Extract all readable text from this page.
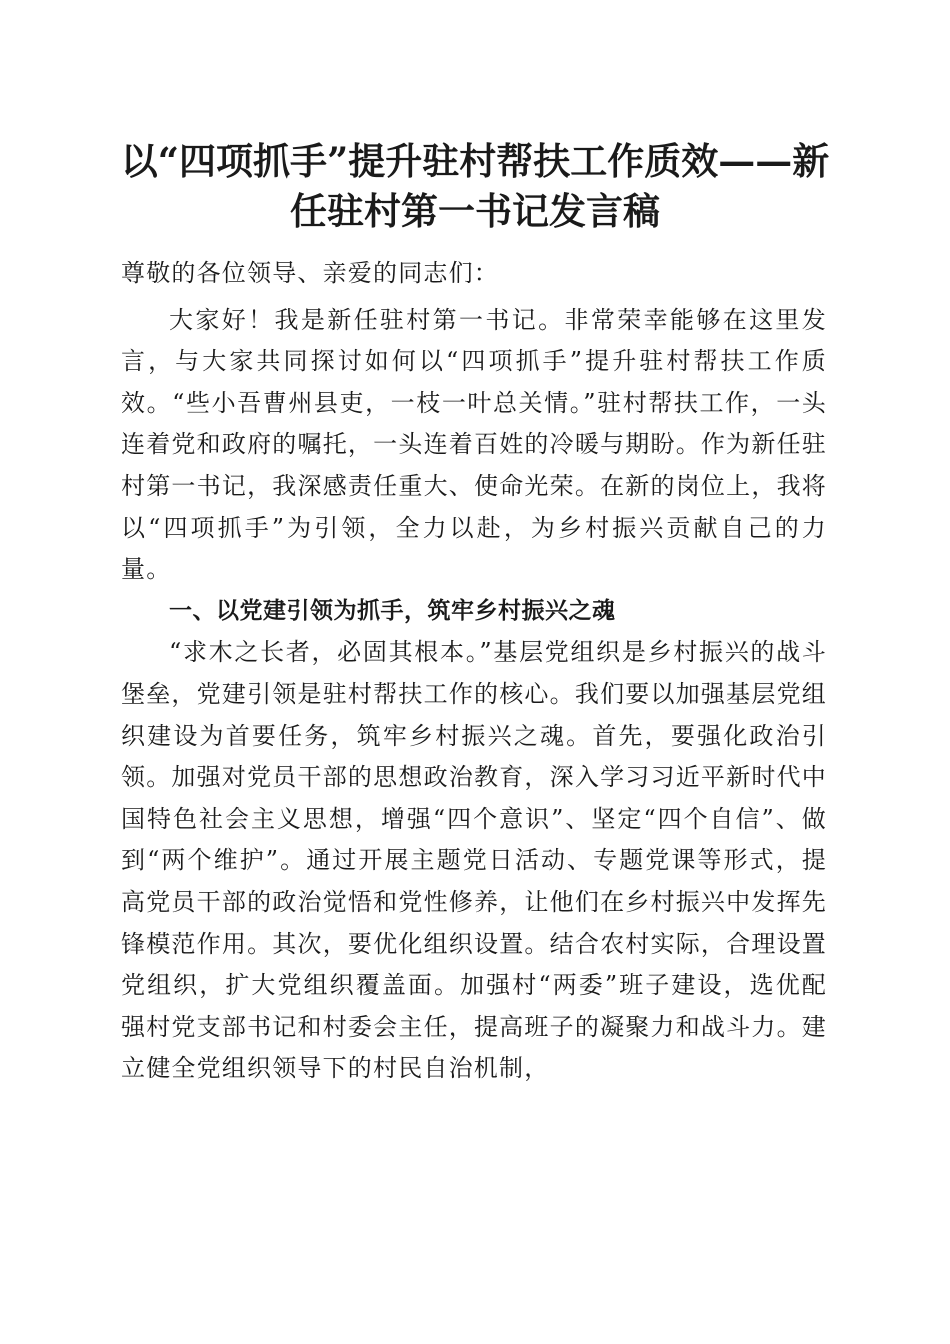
以“四项抓手”提升驻村帮扶工作质效——新任驻村第一书记发言稿

尊敬的各位领导、亲爱的同志们：

大家好！我是新任驻村第一书记。非常荣幸能够在这里发言，与大家共同探讨如何以“四项抓手”提升驻村帮扶工作质效。“些小吾曹州县吏，一枝一叶总关情。”驻村帮扶工作，一头连着党和政府的嘱托，一头连着百姓的冷暖与期盼。作为新任驻村第一书记，我深感责任重大、使命光荣。在新的岗位上，我将以“四项抓手”为引领，全力以赴，为乡村振兴贡献自己的力量。

一、以党建引领为抓手，筑牢乡村振兴之魂

“求木之长者，必固其根本。”基层党组织是乡村振兴的战斗堡垒，党建引领是驻村帮扶工作的核心。我们要以加强基层党组织建设为首要任务，筑牢乡村振兴之魂。首先，要强化政治引领。加强对党员干部的思想政治教育，深入学习习近平新时代中国特色社会主义思想，增强“四个意识”、坚定“四个自信”、做到“两个维护”。通过开展主题党日活动、专题党课等形式，提高党员干部的政治觉悟和党性修养，让他们在乡村振兴中发挥先锋模范作用。其次，要优化组织设置。结合农村实际，合理设置党组织，扩大党组织覆盖面。加强村“两委”班子建设，选优配强村党支部书记和村委会主任，提高班子的凝聚力和战斗力。建立健全党组织领导下的村民自治机制，
